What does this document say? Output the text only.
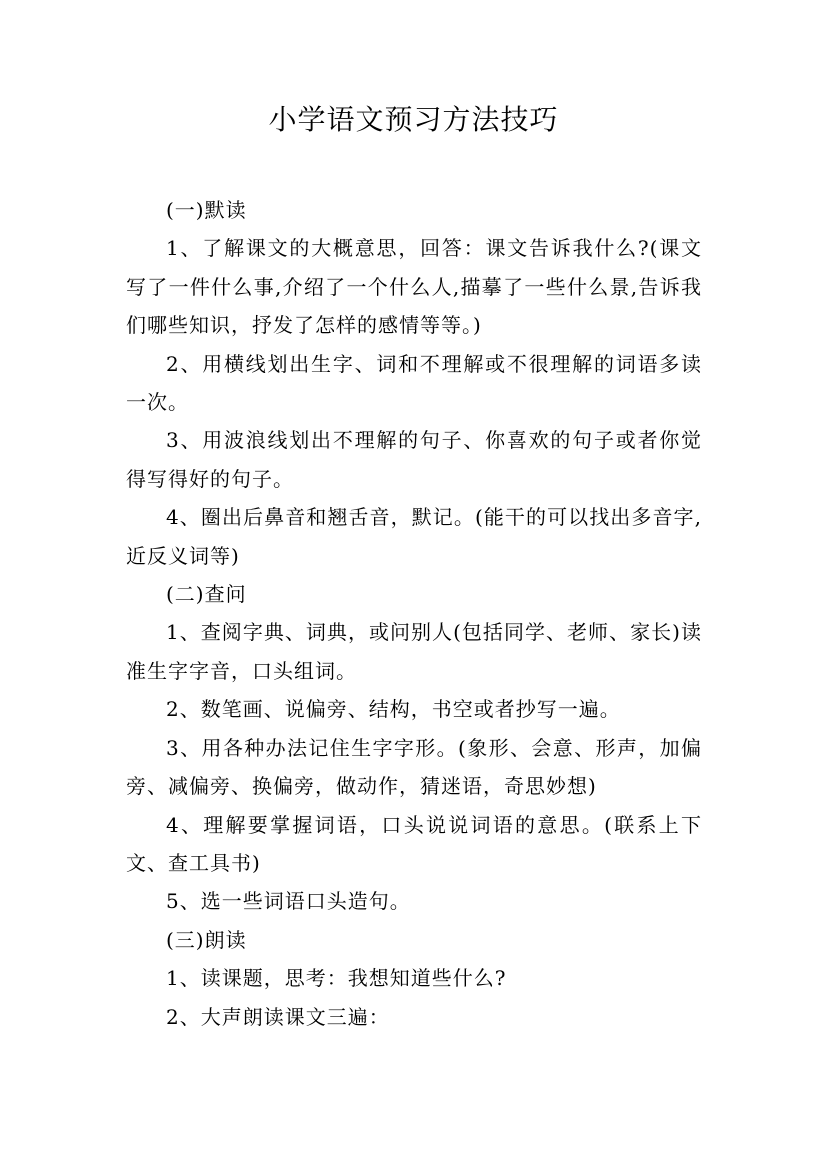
小学语文预习方法技巧

(一)默读

1、了解课文的大概意思，回答：课文告诉我什么?(课文写了一件什么事,介绍了一个什么人,描摹了一些什么景,告诉我们哪些知识，抒发了怎样的感情等等。)

2、用横线划出生字、词和不理解或不很理解的词语多读一次。

3、用波浪线划出不理解的句子、你喜欢的句子或者你觉得写得好的句子。

4、圈出后鼻音和翘舌音，默记。(能干的可以找出多音字,近反义词等)

(二)查问

1、查阅字典、词典，或问别人(包括同学、老师、家长)读准生字字音，口头组词。

2、数笔画、说偏旁、结构，书空或者抄写一遍。

3、用各种办法记住生字字形。(象形、会意、形声，加偏旁、减偏旁、换偏旁，做动作，猜迷语，奇思妙想)

4、理解要掌握词语，口头说说词语的意思。(联系上下文、查工具书)

5、选一些词语口头造句。

(三)朗读

1、读课题，思考：我想知道些什么?

2、大声朗读课文三遍：
